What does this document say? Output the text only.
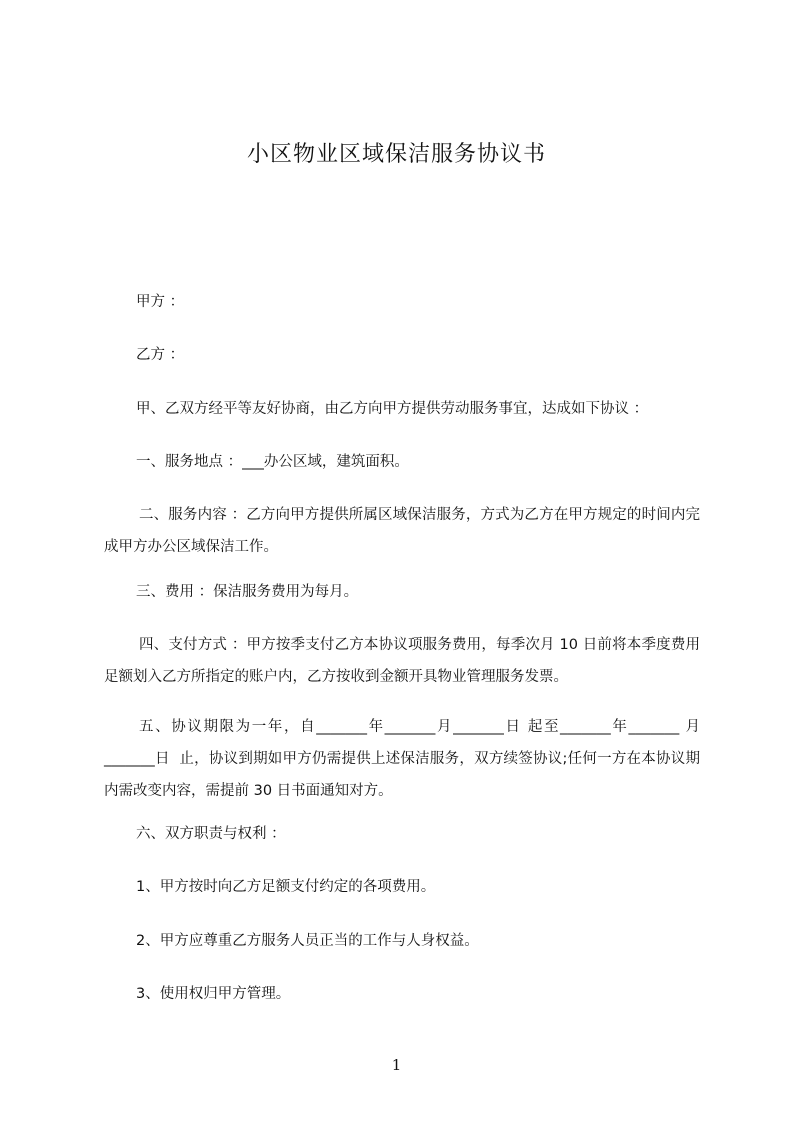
小区物业区域保洁服务协议书
甲方 ：
乙方 ：
甲、乙双方经平等友好协商，由乙方向甲方提供劳动服务事宜，达成如下协议 ：
一、服务地点 ：___办公区域，建筑面积。
二、服务内容 ：乙方向甲方提供所属区域保洁服务，方式为乙方在甲方规定的时间内完成甲方办公区域保洁工作。
三、费用 ：保洁服务费用为每月。
四、支付方式 ：甲方按季支付乙方本协议项服务费用，每季次月 10 日前将本季度费用足额划入乙方所指定的账户内，乙方按收到金额开具物业管理服务发票。
五、协议期限为一年，自_______年_______月_______日 起至_______年_______ 月_______日  止，协议到期如甲方仍需提供上述保洁服务，双方续签协议;任何一方在本协议期内需改变内容，需提前 30 日书面通知对方。
六、双方职责与权利 ：
1、甲方按时向乙方足额支付约定的各项费用。
2、甲方应尊重乙方服务人员正当的工作与人身权益。
3、使用权归甲方管理。
1
